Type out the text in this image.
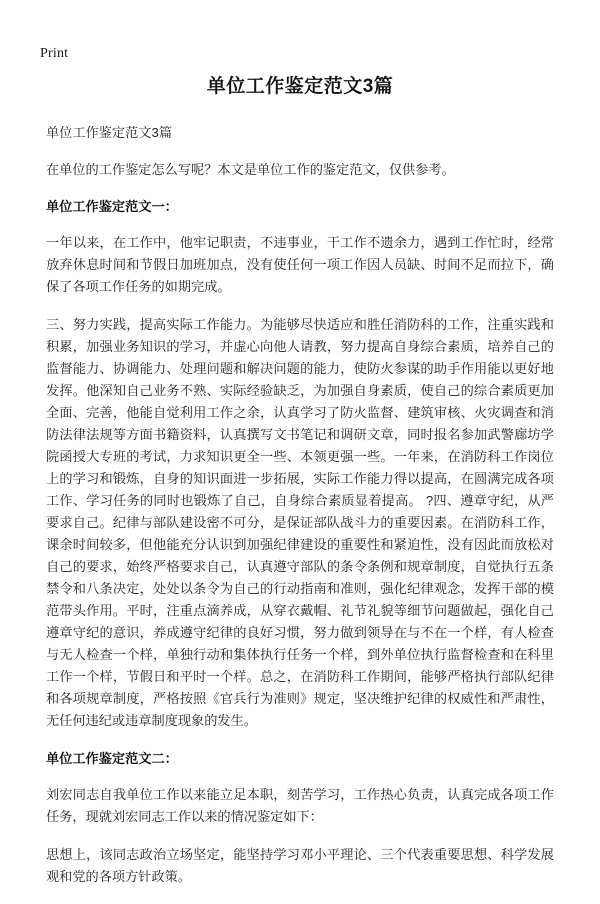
Print
单位工作鉴定范文3篇

单位工作鉴定范文3篇

在单位的工作鉴定怎么写呢？本文是单位工作的鉴定范文，仅供参考。

单位工作鉴定范文一：

一年以来，在工作中，他牢记职责，不违事业，干工作不遗余力，遇到工作忙时，经常放弃休息时间和节假日加班加点，没有使任何一项工作因人员缺、时间不足而拉下，确保了各项工作任务的如期完成。

三、努力实践，提高实际工作能力。为能够尽快适应和胜任消防科的工作，注重实践和积累，加强业务知识的学习，并虚心向他人请教，努力提高自身综合素质，培养自己的监督能力、协调能力、处理问题和解决问题的能力，使防火参谋的助手作用能以更好地发挥。他深知自己业务不熟、实际经验缺乏，为加强自身素质，使自己的综合素质更加全面、完善，他能自觉利用工作之余，认真学习了防火监督、建筑审核、火灾调查和消防法律法规等方面书籍资料，认真撰写文书笔记和调研文章，同时报名参加武警廊坊学院函授大专班的考试，力求知识更全一些、本领更强一些。一年来，在消防科工作岗位上的学习和锻炼，自身的知识面进一步拓展，实际工作能力得以提高，在圆满完成各项工作、学习任务的同时也锻炼了自己，自身综合素质显着提高。 ?四、遵章守纪，从严要求自己。纪律与部队建设密不可分，是保证部队战斗力的重要因素。在消防科工作，课余时间较多，但他能充分认识到加强纪律建设的重要性和紧迫性，没有因此而放松对自己的要求，始终严格要求自己，认真遵守部队的条令条例和规章制度，自觉执行五条禁令和八条决定，处处以条令为自己的行动指南和准则，强化纪律观念，发挥干部的模范带头作用。平时，注重点滴养成，从穿衣戴帽、礼节礼貌等细节问题做起，强化自己遵章守纪的意识，养成遵守纪律的良好习惯，努力做到领导在与不在一个样，有人检查与无人检查一个样，单独行动和集体执行任务一个样，到外单位执行监督检查和在科里工作一个样，节假日和平时一个样。总之，在消防科工作期间，能够严格执行部队纪律和各项规章制度，严格按照《官兵行为准则》规定，坚决维护纪律的权威性和严肃性，无任何违纪或违章制度现象的发生。

单位工作鉴定范文二：

刘宏同志自我单位工作以来能立足本职，刻苦学习，工作热心负责，认真完成各项工作任务，现就刘宏同志工作以来的情况鉴定如下：

思想上，该同志政治立场坚定，能坚持学习邓小平理论、三个代表重要思想、科学发展观和党的各项方针政策。
